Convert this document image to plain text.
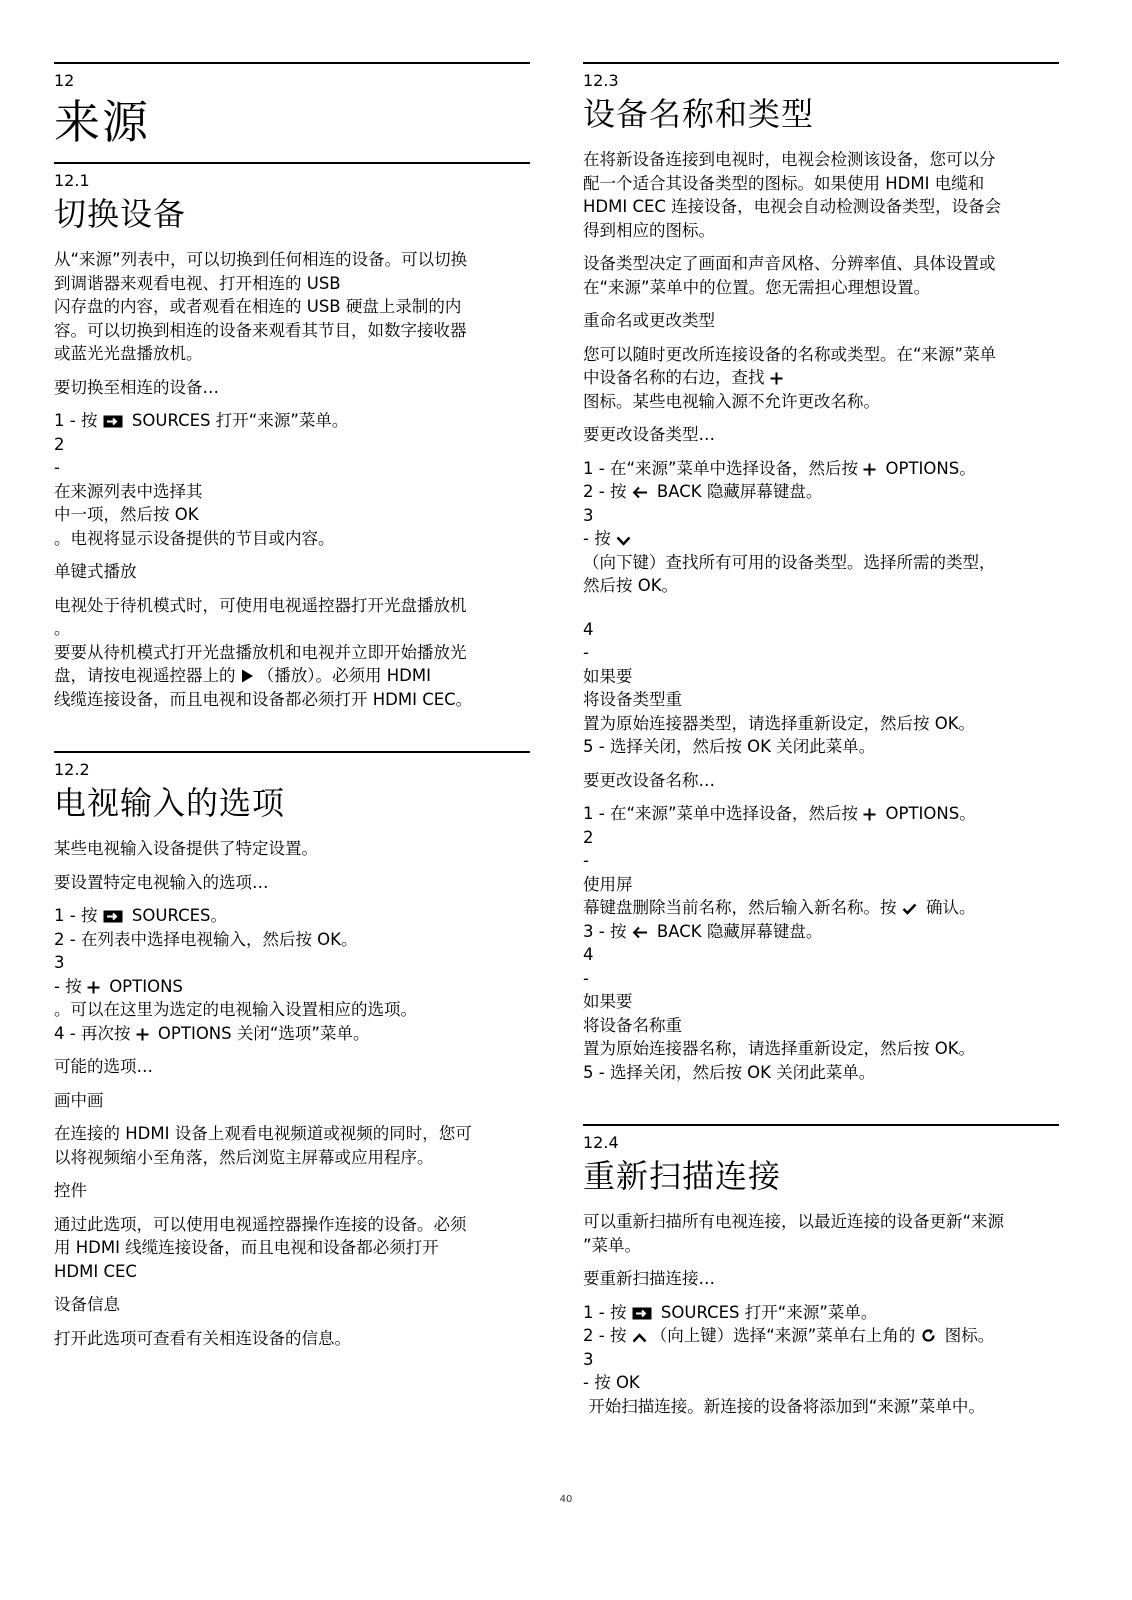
12
来源
12.1
切换设备
从“来源”列表中，可以切换到任何相连的设备。可以切换
到调谐器来观看电视、打开相连的 USB
闪存盘的内容，或者观看在相连的 USB 硬盘上录制的内
容。可以切换到相连的设备来观看其节目，如数字接收器
或蓝光光盘播放机。
要切换至相连的设备…
1 - 按  SOURCES 打开“来源”菜单。
2
-
在来源列表中选择其
中一项，然后按 OK
。电视将显示设备提供的节目或内容。
单键式播放
电视处于待机模式时，可使用电视遥控器打开光盘播放机
。
要要从待机模式打开光盘播放机和电视并立即开始播放光
盘，请按电视遥控器上的 （播放）。必须用 HDMI
线缆连接设备，而且电视和设备都必须打开 HDMI CEC。
12.2
电视输入的选项
某些电视输入设备提供了特定设置。
要设置特定电视输入的选项…
1 - 按  SOURCES。
2 - 在列表中选择电视输入，然后按 OK。
3
- 按  OPTIONS
。可以在这里为选定的电视输入设置相应的选项。
4 - 再次按  OPTIONS 关闭“选项”菜单。
可能的选项…
画中画
在连接的 HDMI 设备上观看电视频道或视频的同时，您可
以将视频缩小至角落，然后浏览主屏幕或应用程序。
控件
通过此选项，可以使用电视遥控器操作连接的设备。必须
用 HDMI 线缆连接设备，而且电视和设备都必须打开
HDMI CEC
设备信息
打开此选项可查看有关相连设备的信息。
12.3
设备名称和类型
在将新设备连接到电视时，电视会检测该设备，您可以分
配一个适合其设备类型的图标。如果使用 HDMI 电缆和
HDMI CEC 连接设备，电视会自动检测设备类型，设备会
得到相应的图标。
设备类型决定了画面和声音风格、分辨率值、具体设置或
在“来源”菜单中的位置。您无需担心理想设置。
重命名或更改类型
您可以随时更改所连接设备的名称或类型。在“来源”菜单
中设备名称的右边，查找
图标。某些电视输入源不允许更改名称。
要更改设备类型…
1 - 在“来源”菜单中选择设备，然后按  OPTIONS。
2 - 按  BACK 隐藏屏幕键盘。
3
- 按
（向下键）查找所有可用的设备类型。选择所需的类型，
然后按 OK。
4
-
如果要
将设备类型重
置为原始连接器类型，请选择重新设定，然后按 OK。
5 - 选择关闭，然后按 OK 关闭此菜单。
要更改设备名称…
1 - 在“来源”菜单中选择设备，然后按  OPTIONS。
2
-
使用屏
幕键盘删除当前名称，然后输入新名称。按  确认。
3 - 按  BACK 隐藏屏幕键盘。
4
-
如果要
将设备名称重
置为原始连接器名称，请选择重新设定，然后按 OK。
5 - 选择关闭，然后按 OK 关闭此菜单。
12.4
重新扫描连接
可以重新扫描所有电视连接，以最近连接的设备更新“来源
”菜单。
要重新扫描连接…
1 - 按  SOURCES 打开“来源”菜单。
2 - 按 （向上键）选择“来源”菜单右上角的  图标。
3
- 按 OK
开始扫描连接。新连接的设备将添加到“来源”菜单中。
40
